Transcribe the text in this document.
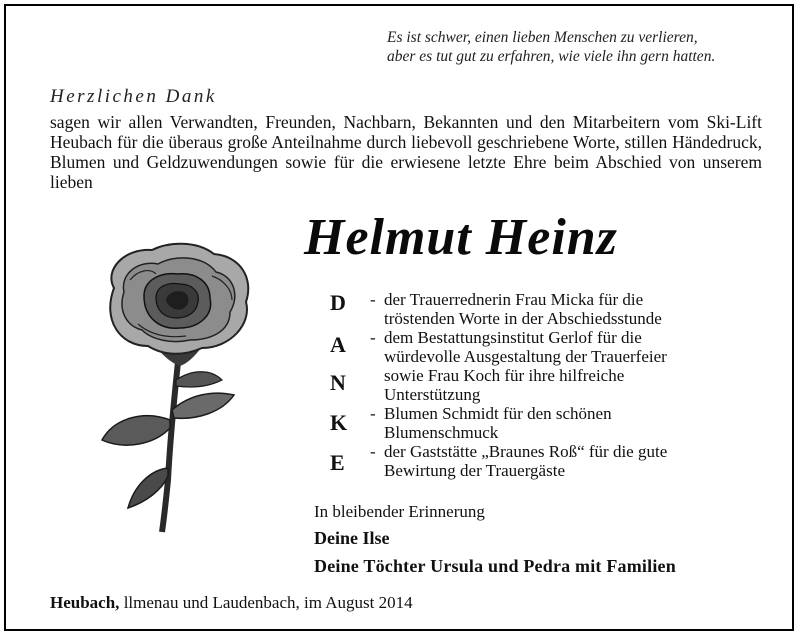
Es ist schwer, einen lieben Menschen zu verlieren,
aber es tut gut zu erfahren, wie viele ihn gern hatten.
Herzlichen Dank
sagen wir allen Verwandten, Freunden, Nachbarn, Bekannten und den Mitarbeitern vom Ski-Lift Heubach für die überaus große Anteilnahme durch liebevoll geschriebene Worte, stillen Händedruck, Blumen und Geldzuwendungen sowie für die erwiesene letzte Ehre beim Abschied von unserem lieben
Helmut Heinz
D
A
N
K
E
- der Trauerrednerin Frau Micka für die
tröstenden Worte in der Abschiedsstunde
- dem Bestattungsinstitut Gerlof für die
würdevolle Ausgestaltung der Trauerfeier
sowie Frau Koch für ihre hilfreiche
Unterstützung
- Blumen Schmidt für den schönen
Blumenschmuck
- der Gaststätte „Braunes Roß“ für die gute
Bewirtung der Trauergäste
In bleibender Erinnerung
Deine Ilse
Deine Töchter Ursula und Pedra mit Familien
Heubach, llmenau und Laudenbach, im August 2014
